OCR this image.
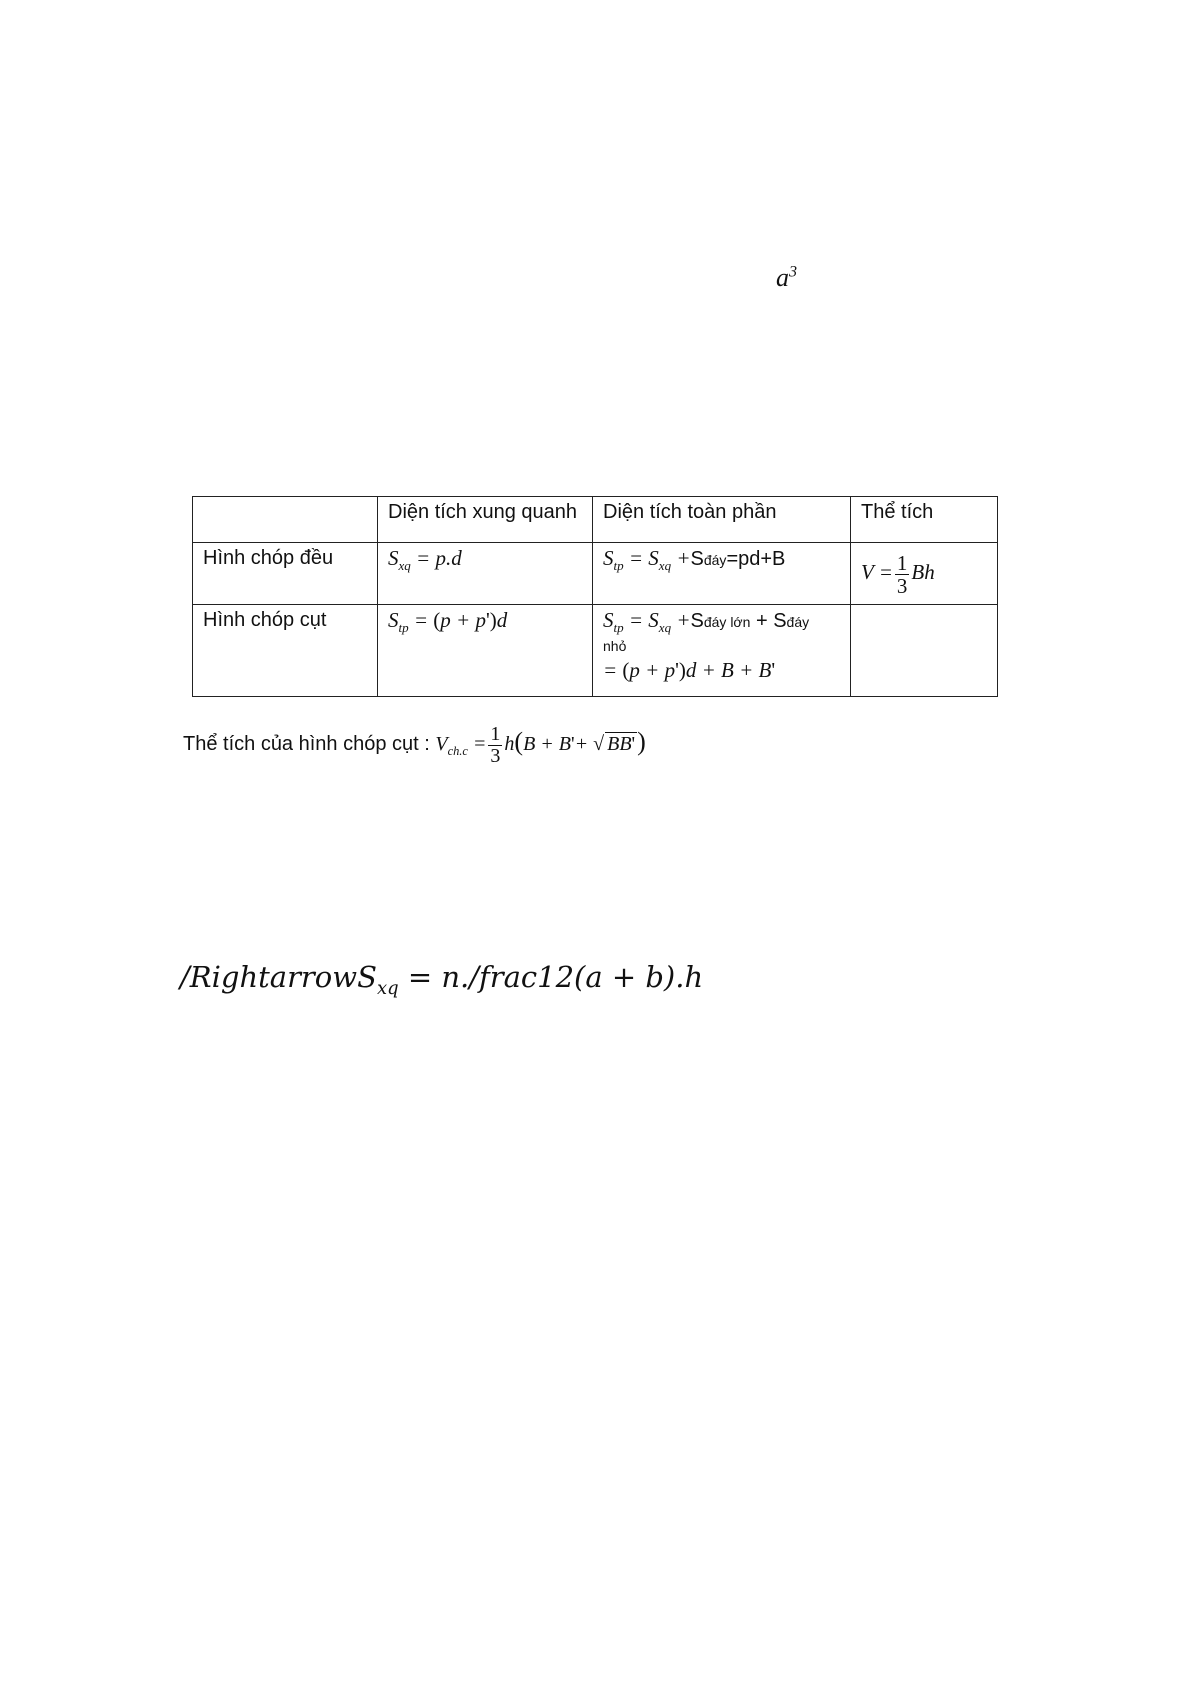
$a^3$
	Diện tích xung quanh	Diện tích toàn phần	Thể tích
Hình chóp đều	$S_{xq} = p.d$	$S_{tp} = S_{xq}$ +Sđáy=pd+B	$V = \frac{1}{3}$ Bh
Hình chóp cụt	$S_{tp} = (p + p')d$	$S_{tp} = S_{xq}$ +Sđáy lớn + Sđáy
nhỏ
= (p + p')d + B + B'	

Thể tích của hình chóp cụt : $V_{ch.c} = \frac{1}{3} h(B + B'+$ √ BB')
/RightarrowS$_{xq}$ = n./frac12(a + b).h
